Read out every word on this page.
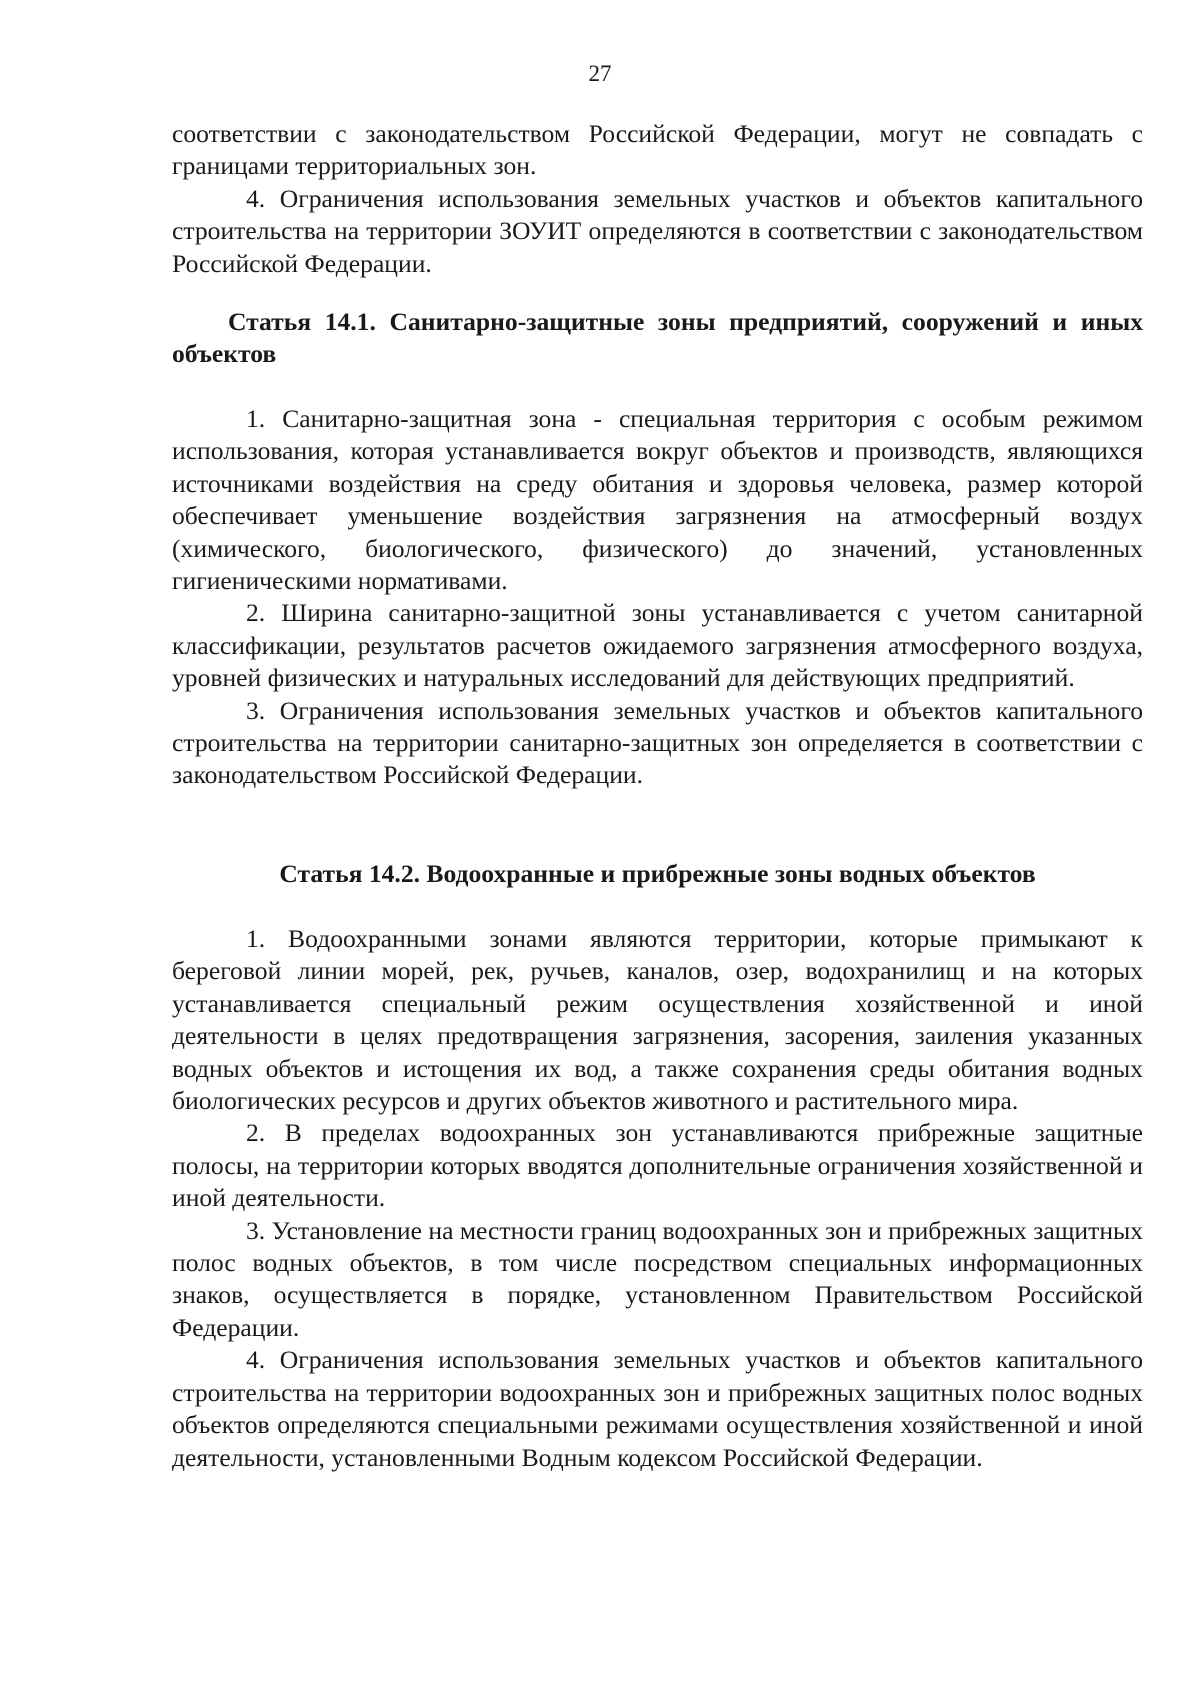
27

соответствии с законодательством Российской Федерации, могут не совпадать с границами территориальных зон.

4. Ограничения использования земельных участков и объектов капитального строительства на территории ЗОУИТ определяются в соответствии с законодательством Российской Федерации.

Статья 14.1. Санитарно-защитные зоны предприятий, сооружений и иных объектов

1. Санитарно-защитная зона - специальная территория с особым режимом использования, которая устанавливается вокруг объектов и производств, являющихся источниками воздействия на среду обитания и здоровья человека, размер которой обеспечивает уменьшение воздействия загрязнения на атмосферный воздух (химического, биологического, физического) до значений, установленных гигиеническими нормативами.

2. Ширина санитарно-защитной зоны устанавливается с учетом санитарной классификации, результатов расчетов ожидаемого загрязнения атмосферного воздуха, уровней физических и натуральных исследований для действующих предприятий.

3. Ограничения использования земельных участков и объектов капитального строительства на территории санитарно-защитных зон определяется в соответствии с законодательством Российской Федерации.

Статья 14.2. Водоохранные и прибрежные зоны водных объектов

1. Водоохранными зонами являются территории, которые примыкают к береговой линии морей, рек, ручьев, каналов, озер, водохранилищ и на которых устанавливается специальный режим осуществления хозяйственной и иной деятельности в целях предотвращения загрязнения, засорения, заиления указанных водных объектов и истощения их вод, а также сохранения среды обитания водных биологических ресурсов и других объектов животного и растительного мира.

2. В пределах водоохранных зон устанавливаются прибрежные защитные полосы, на территории которых вводятся дополнительные ограничения хозяйственной и иной деятельности.

3. Установление на местности границ водоохранных зон и прибрежных защитных полос водных объектов, в том числе посредством специальных информационных знаков, осуществляется в порядке, установленном Правительством Российской Федерации.

4. Ограничения использования земельных участков и объектов капитального строительства на территории водоохранных зон и прибрежных защитных полос водных объектов определяются специальными режимами осуществления хозяйственной и иной деятельности, установленными Водным кодексом Российской Федерации.
